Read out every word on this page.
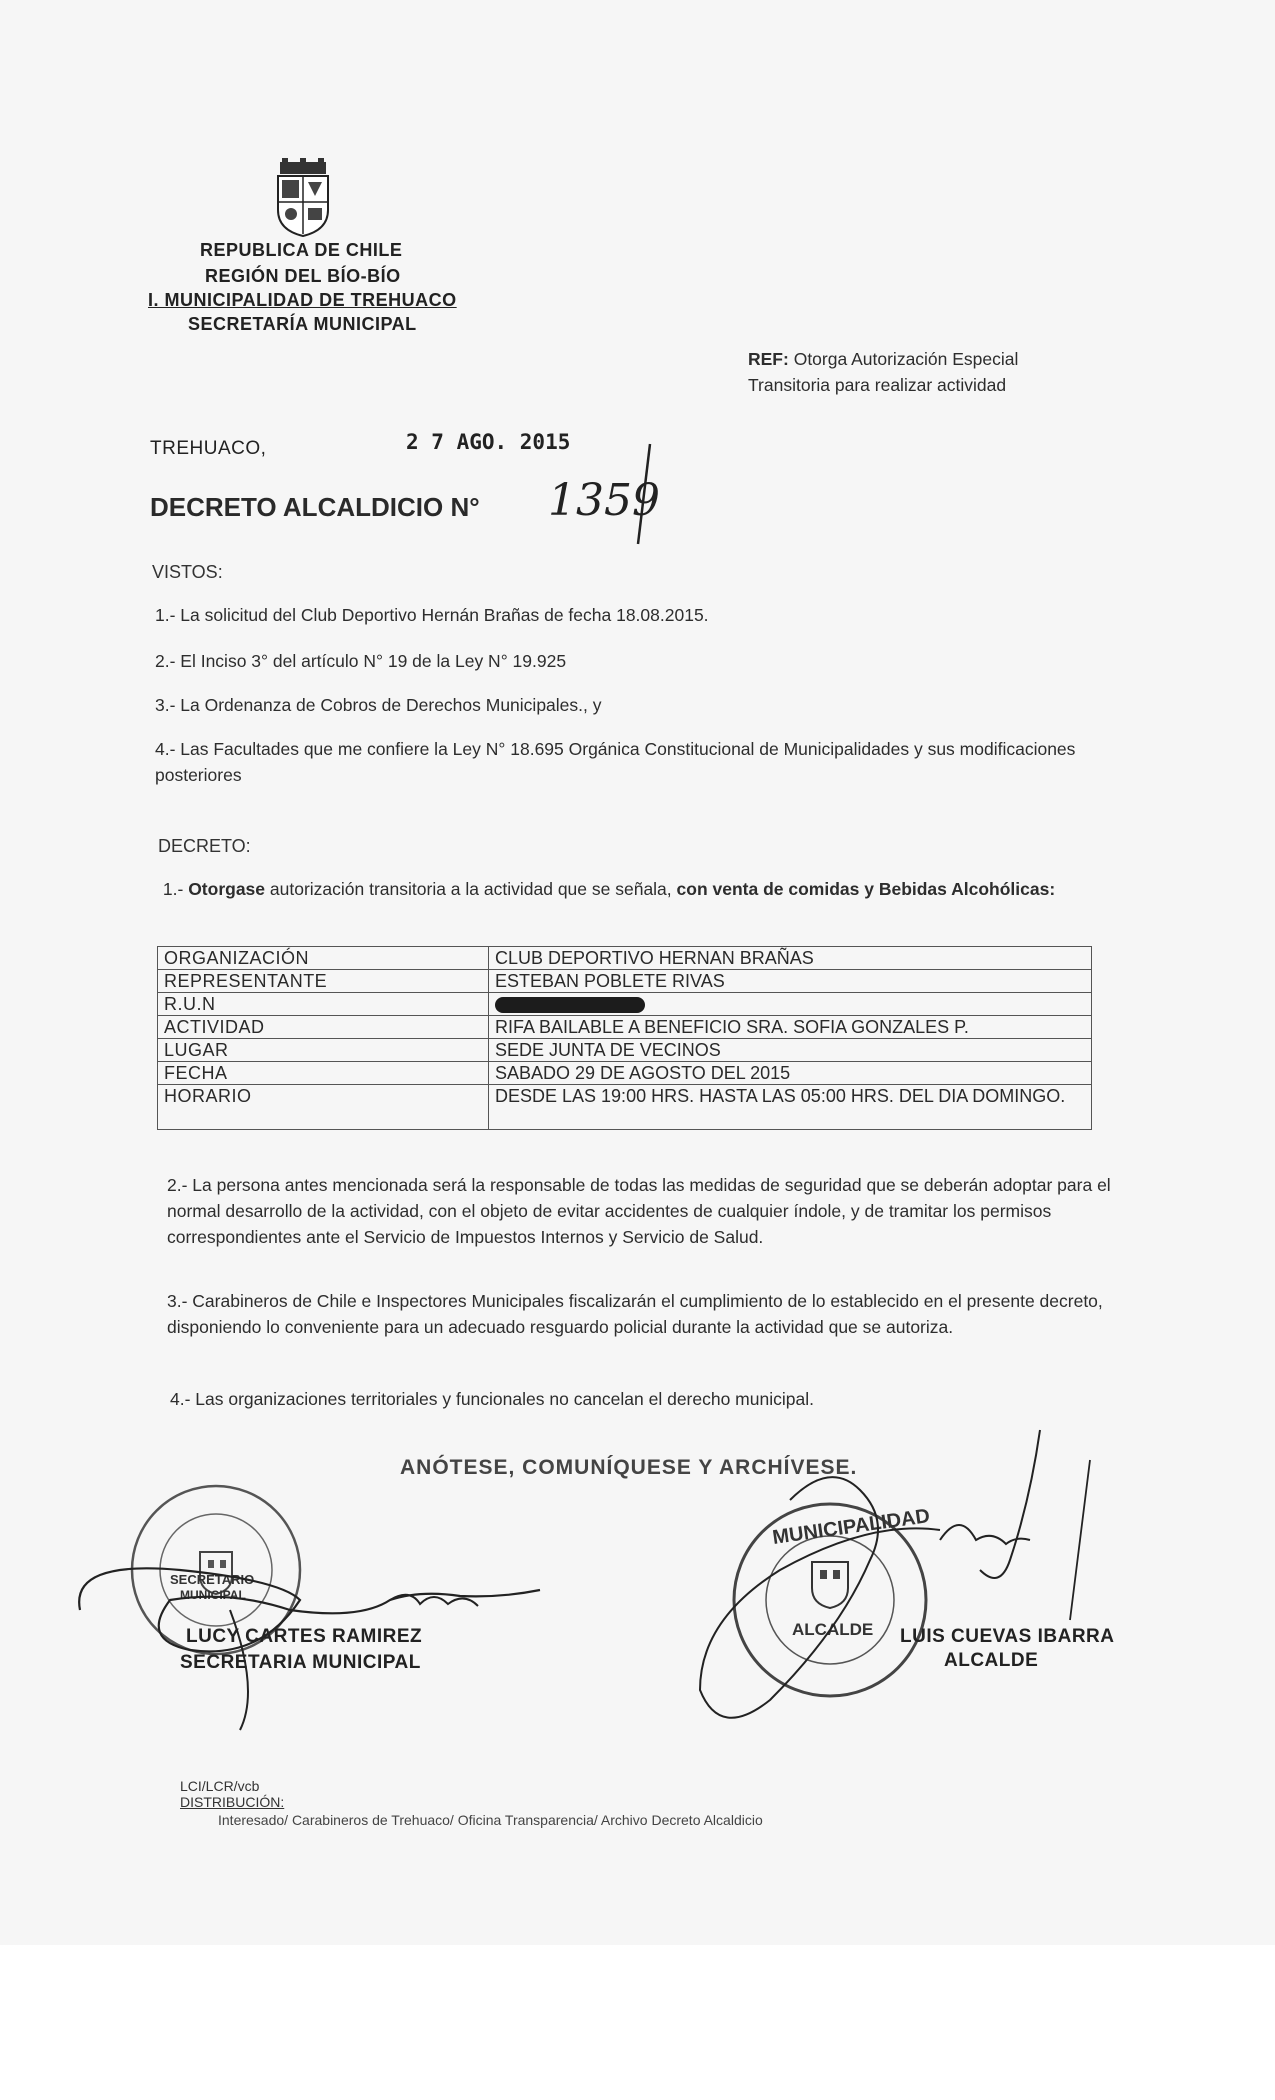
REPUBLICA DE CHILE
REGIÓN DEL BÍO-BÍO
I. MUNICIPALIDAD DE TREHUACO
SECRETARÍA MUNICIPAL
REF: Otorga Autorización Especial
Transitoria para realizar actividad
TREHUACO,	2 7 AGO. 2015
DECRETO ALCALDICIO N° 1359
VISTOS:
1.- La solicitud del Club Deportivo Hernán Brañas de fecha 18.08.2015.
2.- El Inciso 3° del artículo N° 19 de la Ley N° 19.925
3.- La Ordenanza de Cobros de Derechos Municipales., y
4.- Las Facultades que me confiere la Ley N° 18.695 Orgánica Constitucional de Municipalidades y sus modificaciones posteriores
DECRETO:
1.- Otorgase autorización transitoria a la actividad que se señala, con venta de comidas y Bebidas Alcohólicas:
ORGANIZACIÓN	CLUB DEPORTIVO HERNAN BRAÑAS
REPRESENTANTE	ESTEBAN POBLETE RIVAS
R.U.N	
ACTIVIDAD	RIFA BAILABLE A BENEFICIO SRA. SOFIA GONZALES P.
LUGAR	SEDE JUNTA DE VECINOS
FECHA	SABADO 29 DE AGOSTO DEL 2015
HORARIO	DESDE LAS 19:00 HRS. HASTA LAS 05:00 HRS. DEL DIA DOMINGO.
2.- La persona antes mencionada será la responsable de todas las medidas de seguridad que se deberán adoptar para el normal desarrollo de la actividad, con el objeto de evitar accidentes de cualquier índole, y de tramitar los permisos correspondientes ante el Servicio de Impuestos Internos y Servicio de Salud.
3.- Carabineros de Chile e Inspectores Municipales fiscalizarán el cumplimiento de lo establecido en el presente decreto, disponiendo lo conveniente para un adecuado resguardo policial durante la actividad que se autoriza.
4.- Las organizaciones territoriales y funcionales no cancelan el derecho municipal.
ANÓTESE, COMUNÍQUESE Y ARCHÍVESE.
SECRETARIO
MUNICIPAL
LUCY CARTES RAMIREZ
SECRETARIA MUNICIPAL
MUNICIPALIDAD
ALCALDE LUIS CUEVAS IBARRA
ALCALDE
LCI/LCR/vcb
DISTRIBUCIÓN:
Interesado/ Carabineros de Trehuaco/ Oficina Transparencia/ Archivo Decreto Alcaldicio
